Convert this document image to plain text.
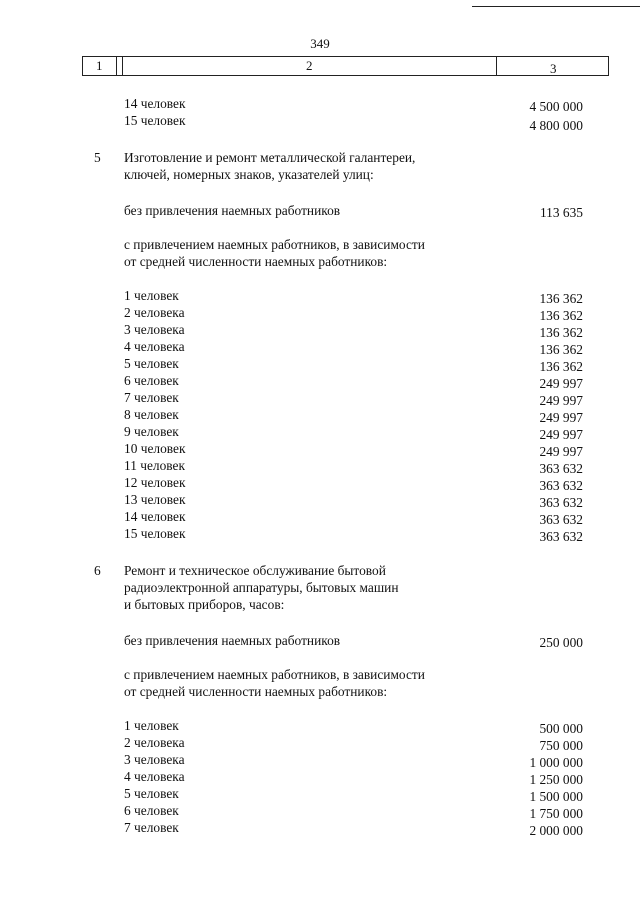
349
1	2	3
14 человек	4 500 000
15 человек	4 800 000
5 Изготовление и ремонт металлической галантереи,
ключей, номерных знаков, указателей улиц:
без привлечения наемных работников	113 635
с привлечением наемных работников, в зависимости
от средней численности наемных работников:
1 человек	136 362
2 человека	136 362
3 человека	136 362
4 человека	136 362
5 человек	136 362
6 человек	249 997
7 человек	249 997
8 человек	249 997
9 человек	249 997
10 человек	249 997
11 человек	363 632
12 человек	363 632
13 человек	363 632
14 человек	363 632
15 человек	363 632
6 Ремонт и техническое обслуживание бытовой
радиоэлектронной аппаратуры, бытовых машин
и бытовых приборов, часов:
без привлечения наемных работников	250 000
с привлечением наемных работников, в зависимости
от средней численности наемных работников:
1 человек	500 000
2 человека	750 000
3 человека	1 000 000
4 человека	1 250 000
5 человек	1 500 000
6 человек	1 750 000
7 человек	2 000 000
